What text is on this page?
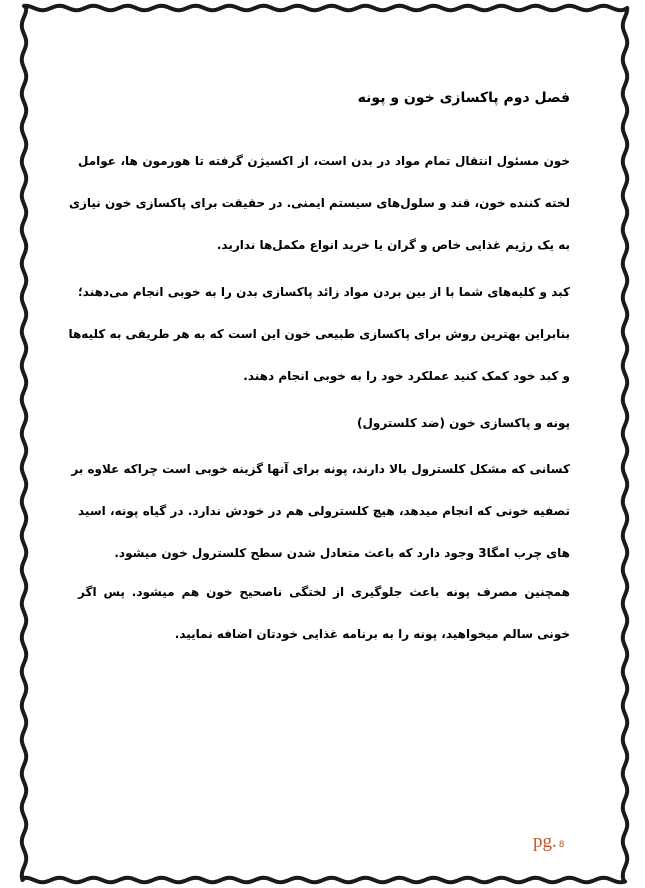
فصل دوم پاکسازی خون و پونه
خون مسئول انتقال تمام مواد در بدن است، از اکسیژن گرفته تا هورمون ها، عوامل
لخته کننده خون، قند و سلول‌های سیستم ایمنی. در حقیقت برای پاکسازی خون نیازی
به یک رژیم غذایی خاص و گران یا خرید انواع مکمل‌ها ندارید.
کبد و کلیه‌های شما با از بین بردن مواد زائد پاکسازی بدن را به خوبی انجام می‌دهند؛
بنابراین بهترین روش برای پاکسازی طبیعی خون این است که به هر طریقی به کلیه‌ها
و کبد خود کمک کنید عملکرد خود را به خوبی انجام دهند.
پونه و پاکسازی خون (ضد کلسترول)
کسانی که مشکل کلسترول بالا دارند، پونه برای آنها گزینه خوبی است چراکه علاوه بر
تصفیه خونی که انجام میدهد، هیچ کلسترولی هم در خودش ندارد. در گیاه پونه، اسید
های چرب امگا3 وجود دارد که باعث متعادل شدن سطح کلسترول خون میشود.
همچنین مصرف پونه باعث جلوگیری از لختگی ناصحیح خون هم میشود. پس اگر
خونی سالم میخواهید، پونه را به برنامه غذایی خودتان اضافه نمایید.
pg. 8
